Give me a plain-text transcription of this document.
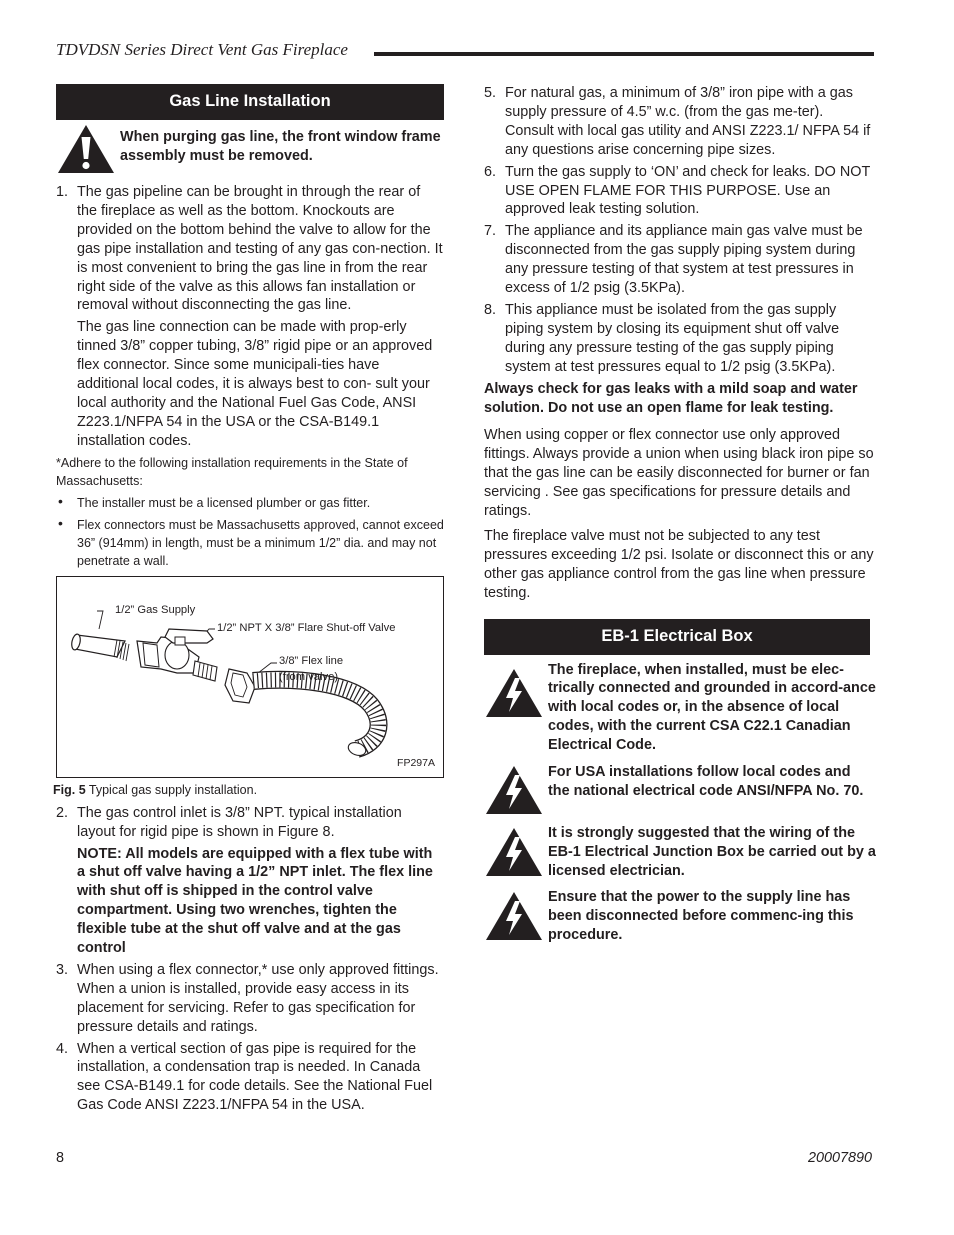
TDVDSN Series Direct Vent Gas Fireplace
Gas Line Installation
When purging gas line, the front window frame assembly must be removed.
1. The gas pipeline can be brought in through the rear of the fireplace as well as the bottom. Knockouts are provided on the bottom behind the valve to allow for the gas pipe installation and testing of any gas con-nection. It is most convenient to bring the gas line in from the rear right side of the valve as this allows fan installation or removal without disconnecting the gas line.
The gas line connection can be made with prop-erly tinned 3/8” copper tubing, 3/8” rigid pipe or an approved flex connector. Since some municipali-ties have additional local codes, it is always best to con- sult your local authority and the National Fuel Gas Code, ANSI Z223.1/NFPA 54 in the USA or the CSA-B149.1 installation codes.
*Adhere to the following installation requirements in the State of Massachusetts:
• The installer must be a licensed plumber or gas fitter.
• Flex connectors must be Massachusetts approved, cannot exceed 36” (914mm) in length, must be a minimum 1/2” dia. and may not penetrate a wall.
1/2” Gas Supply
1/2” NPT X 3/8” Flare Shut-off Valve
3/8” Flex line
(from valve)
FP297A
Fig. 5 Typical gas supply installation.
2. The gas control inlet is 3/8” NPT. typical installation layout for rigid pipe is shown in Figure 8.
NOTE: All models are equipped with a flex tube with a shut off valve having a 1/2” NPT inlet. The flex line with shut off is shipped in the control valve compartment. Using two wrenches, tighten the flexible tube at the shut off valve and at the gas control
3. When using a flex connector,* use only approved fittings. When a union is installed, provide easy access in its placement for servicing. Refer to gas specification for pressure details and ratings.
4. When a vertical section of gas pipe is required for the installation, a condensation trap is needed. In Canada see CSA-B149.1 for code details. See the National Fuel Gas Code ANSI Z223.1/NFPA 54 in the USA.
5. For natural gas, a minimum of 3/8” iron pipe with a gas supply pressure of 4.5” w.c. (from the gas me-ter). Consult with local gas utility and ANSI Z223.1/ NFPA 54 if any questions arise concerning pipe sizes.
6. Turn the gas supply to ‘ON’ and check for leaks. DO NOT USE OPEN FLAME FOR THIS PURPOSE. Use an approved leak testing solution.
7. The appliance and its appliance main gas valve must be disconnected from the gas supply piping system during any pressure testing of that system at test pressures in excess of 1/2 psig (3.5KPa).
8. This appliance must be isolated from the gas supply piping system by closing its equipment shut off valve during any pressure testing of the gas supply piping system at test pressures equal to 1/2 psig (3.5KPa).
Always check for gas leaks with a mild soap and water solution. Do not use an open flame for leak testing.
When using copper or flex connector use only approved fittings. Always provide a union when using black iron pipe so that the gas line can be easily disconnected for burner or fan servicing . See gas specifications for pressure details and ratings.
The fireplace valve must not be subjected to any test pressures exceeding 1/2 psi. Isolate or disconnect this or any other gas appliance control from the gas line when pressure testing.
EB-1 Electrical Box
The fireplace, when installed, must be elec-trically connected and grounded in accord-ance with local codes or, in the absence of local codes, with the current CSA C22.1 Canadian Electrical Code.
For USA installations follow local codes and the national electrical code ANSI/NFPA No. 70.
It is strongly suggested that the wiring of the EB-1 Electrical Junction Box be carried out by a licensed electrician.
Ensure that the power to the supply line has been disconnected before commenc-ing this procedure.
8	20007890
